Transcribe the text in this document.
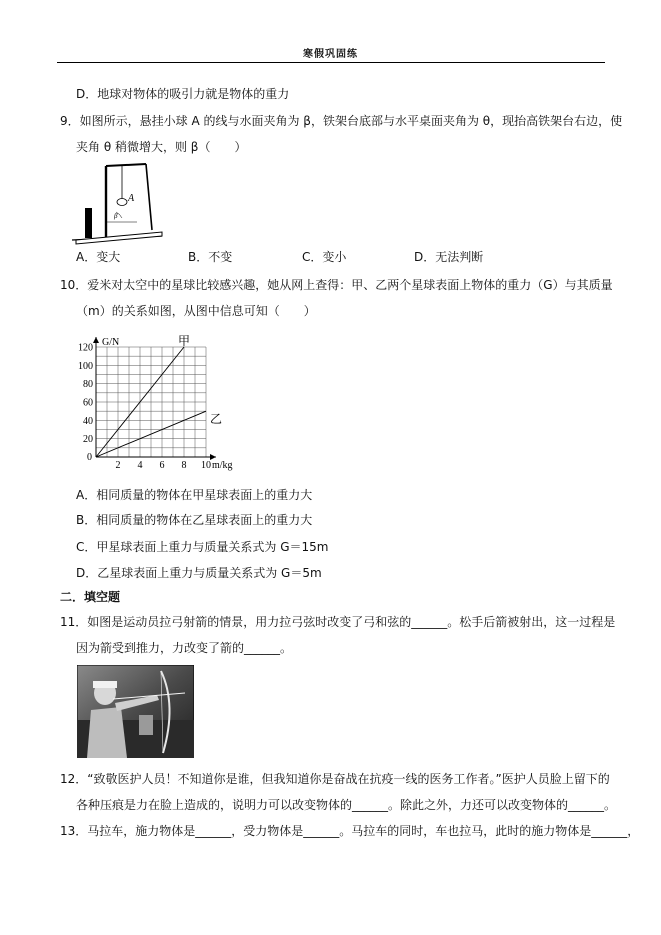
寒假巩固练
D．地球对物体的吸引力就是物体的重力
9．如图所示，悬挂小球 A 的线与水面夹角为 β，铁架台底部与水平桌面夹角为 θ，现抬高铁架台右边，使
夹角 θ 稍微增大，则 β（　　）
A
β
A．变大	B．不变	C．变小	D．无法判断
10．爱米对太空中的星球比较感兴趣，她从网上查得：甲、乙两个星球表面上物体的重力（G）与其质量
（m）的关系如图，从图中信息可知（　　）
2 4 6 8 10
20
40
60
80
100
120	甲
乙
G/N
m/kg
0
A．相同质量的物体在甲星球表面上的重力大
B．相同质量的物体在乙星球表面上的重力大
C．甲星球表面上重力与质量关系式为 G＝15m
D．乙星球表面上重力与质量关系式为 G＝5m
二．填空题
11．如图是运动员拉弓射箭的情景，用力拉弓弦时改变了弓和弦的______。松手后箭被射出，这一过程是
因为箭受到推力，力改变了箭的______。
12．“致敬医护人员！不知道你是谁，但我知道你是奋战在抗疫一线的医务工作者。”医护人员脸上留下的
各种压痕是力在脸上造成的，说明力可以改变物体的______。除此之外，力还可以改变物体的______。
13．马拉车，施力物体是______，受力物体是______。马拉车的同时，车也拉马，此时的施力物体是______，
